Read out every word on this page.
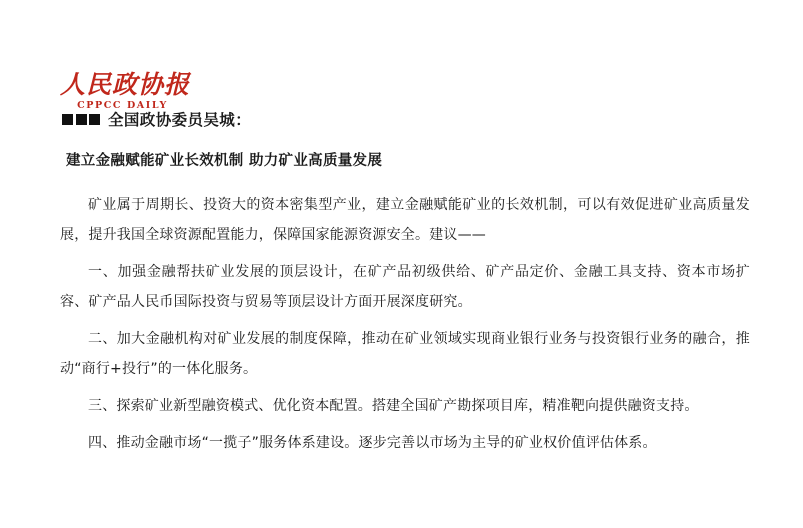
人民政协报
CPPCC DAILY
全国政协委员吴城：
建立金融赋能矿业长效机制 助力矿业高质量发展

矿业属于周期长、投资大的资本密集型产业，建立金融赋能矿业的长效机制，可以有效促进矿业高质量发展，提升我国全球资源配置能力，保障国家能源资源安全。建议——

一、加强金融帮扶矿业发展的顶层设计，在矿产品初级供给、矿产品定价、金融工具支持、资本市场扩容、矿产品人民币国际投资与贸易等顶层设计方面开展深度研究。

二、加大金融机构对矿业发展的制度保障，推动在矿业领域实现商业银行业务与投资银行业务的融合，推动“商行+投行”的一体化服务。

三、探索矿业新型融资模式、优化资本配置。搭建全国矿产勘探项目库，精准靶向提供融资支持。

四、推动金融市场“一揽子”服务体系建设。逐步完善以市场为主导的矿业权价值评估体系。
